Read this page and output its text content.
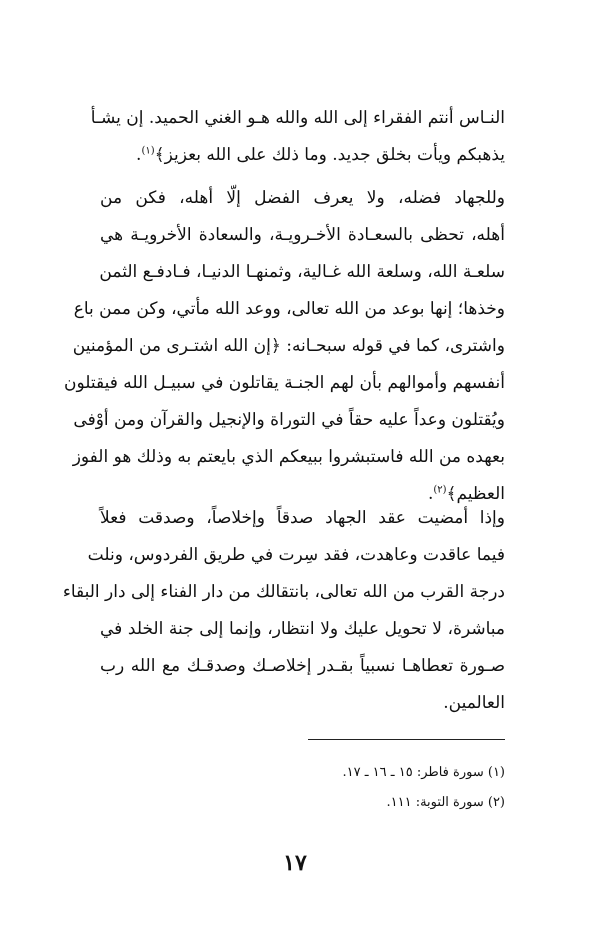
النـاس أنتم الفقراء إلى الله والله هـو الغني الحميد. إن يشـأ
يذهبكم ويأت بخلق جديد. وما ذلك على الله بعزيز﴾$^{(١)}$.
وللجهاد فضله، ولا يعرف الفضل إلّا أهله، فكن من
أهله، تحظى بالسعـادة الأخـرويـة، والسعادة الأخرويـة هي
سلعـة الله، وسلعة الله غـالية، وثمنهـا الدنيـا، فـادفـع الثمن
وخذها؛ إنها بوعد من الله تعالى، ووعد الله مأتي، وكن ممن باع
واشترى، كما في قوله سبحـانه: ﴿إن الله اشتـرى من المؤمنين
أنفسهم وأموالهم بأن لهم الجنـة يقاتلون في سبيـل الله فيقتلون
ويُقتلون وعداً عليه حقاً في التوراة والإنجيل والقرآن ومن أوْفى
بعهده من الله فاستبشروا ببيعكم الذي بايعتم به وذلك هو الفوز
العظيم﴾$^{(٢)}$.
وإذا أمضيت عقد الجهاد صدقاً وإخلاصاً، وصدقت فعلاً
فيما عاقدت وعاهدت، فقد سِرت في طريق الفردوس، ونلت
درجة القرب من الله تعالى، بانتقالك من دار الفناء إلى دار البقاء
مباشرة، لا تحويل عليك ولا انتظار، وإنما إلى جنة الخلد في
صـورة تعطاهـا نسبياً بقـدر إخلاصـك وصدقـك مع الله رب
العالمين.
(١) سورة فاطر: ١٥ ـ ١٦ ـ ١٧.
(٢) سورة التوبة: ١١١.
١٧
